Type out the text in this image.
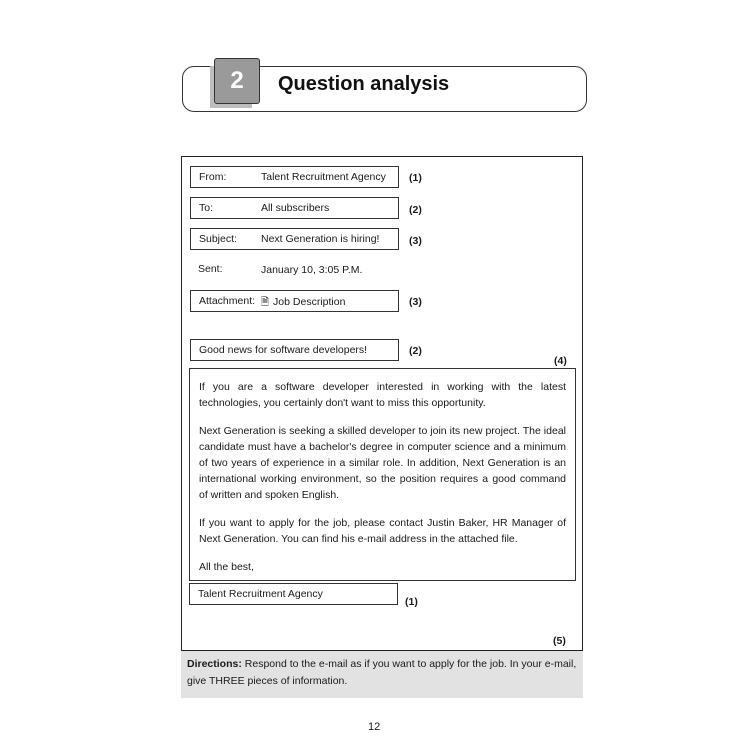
2 Question analysis
From:	Talent Recruitment Agency (1)
To:	All subscribers	(2)
Subject: Next Generation is hiring!	(3)
Sent:	January 10, 3:05 P.M.
Attachment: 🗎 Job Description	(3)
Good news for software developers!	(2)
(4)

If you are a software developer interested in working with the latest technologies, you certainly don't want to miss this opportunity.

Next Generation is seeking a skilled developer to join its new project. The ideal candidate must have a bachelor's degree in computer science and a minimum of two years of experience in a similar role. In addition, Next Generation is an international working environment, so the position requires a good command of written and spoken English.

If you want to apply for the job, please contact Justin Baker, HR Manager of Next Generation. You can find his e-mail address in the attached file.

All the best,

Talent Recruitment Agency
(1)
(5)
Directions: Respond to the e-mail as if you want to apply for the job. In your e-mail, give THREE pieces of information.
12
